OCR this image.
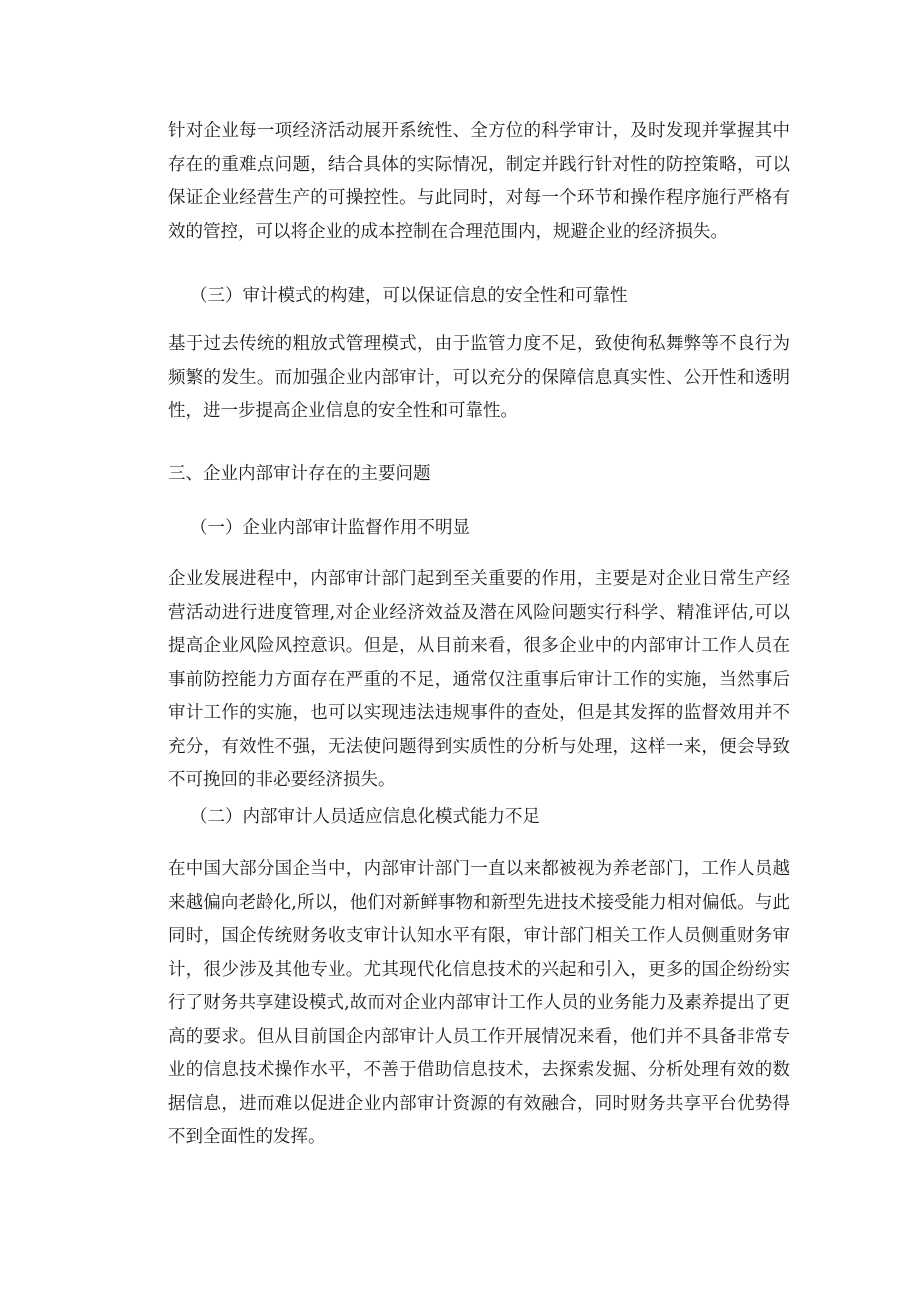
针对企业每一项经济活动展开系统性、全方位的科学审计，及时发现并掌握其中存在的重难点问题，结合具体的实际情况，制定并践行针对性的防控策略，可以保证企业经营生产的可操控性。与此同时，对每一个环节和操作程序施行严格有效的管控，可以将企业的成本控制在合理范围内，规避企业的经济损失。

（三）审计模式的构建，可以保证信息的安全性和可靠性

基于过去传统的粗放式管理模式，由于监管力度不足，致使徇私舞弊等不良行为频繁的发生。而加强企业内部审计，可以充分的保障信息真实性、公开性和透明性，进一步提高企业信息的安全性和可靠性。

三、企业内部审计存在的主要问题

（一）企业内部审计监督作用不明显

企业发展进程中，内部审计部门起到至关重要的作用，主要是对企业日常生产经营活动进行进度管理,对企业经济效益及潜在风险问题实行科学、精准评估,可以提高企业风险风控意识。但是，从目前来看，很多企业中的内部审计工作人员在事前防控能力方面存在严重的不足，通常仅注重事后审计工作的实施，当然事后审计工作的实施，也可以实现违法违规事件的查处，但是其发挥的监督效用并不充分，有效性不强，无法使问题得到实质性的分析与处理，这样一来，便会导致不可挽回的非必要经济损失。

（二）内部审计人员适应信息化模式能力不足

在中国大部分国企当中，内部审计部门一直以来都被视为养老部门，工作人员越来越偏向老龄化,所以，他们对新鲜事物和新型先进技术接受能力相对偏低。与此同时，国企传统财务收支审计认知水平有限，审计部门相关工作人员侧重财务审计，很少涉及其他专业。尤其现代化信息技术的兴起和引入，更多的国企纷纷实行了财务共享建设模式,故而对企业内部审计工作人员的业务能力及素养提出了更高的要求。但从目前国企内部审计人员工作开展情况来看，他们并不具备非常专业的信息技术操作水平，不善于借助信息技术，去探索发掘、分析处理有效的数据信息，进而难以促进企业内部审计资源的有效融合，同时财务共享平台优势得不到全面性的发挥。
